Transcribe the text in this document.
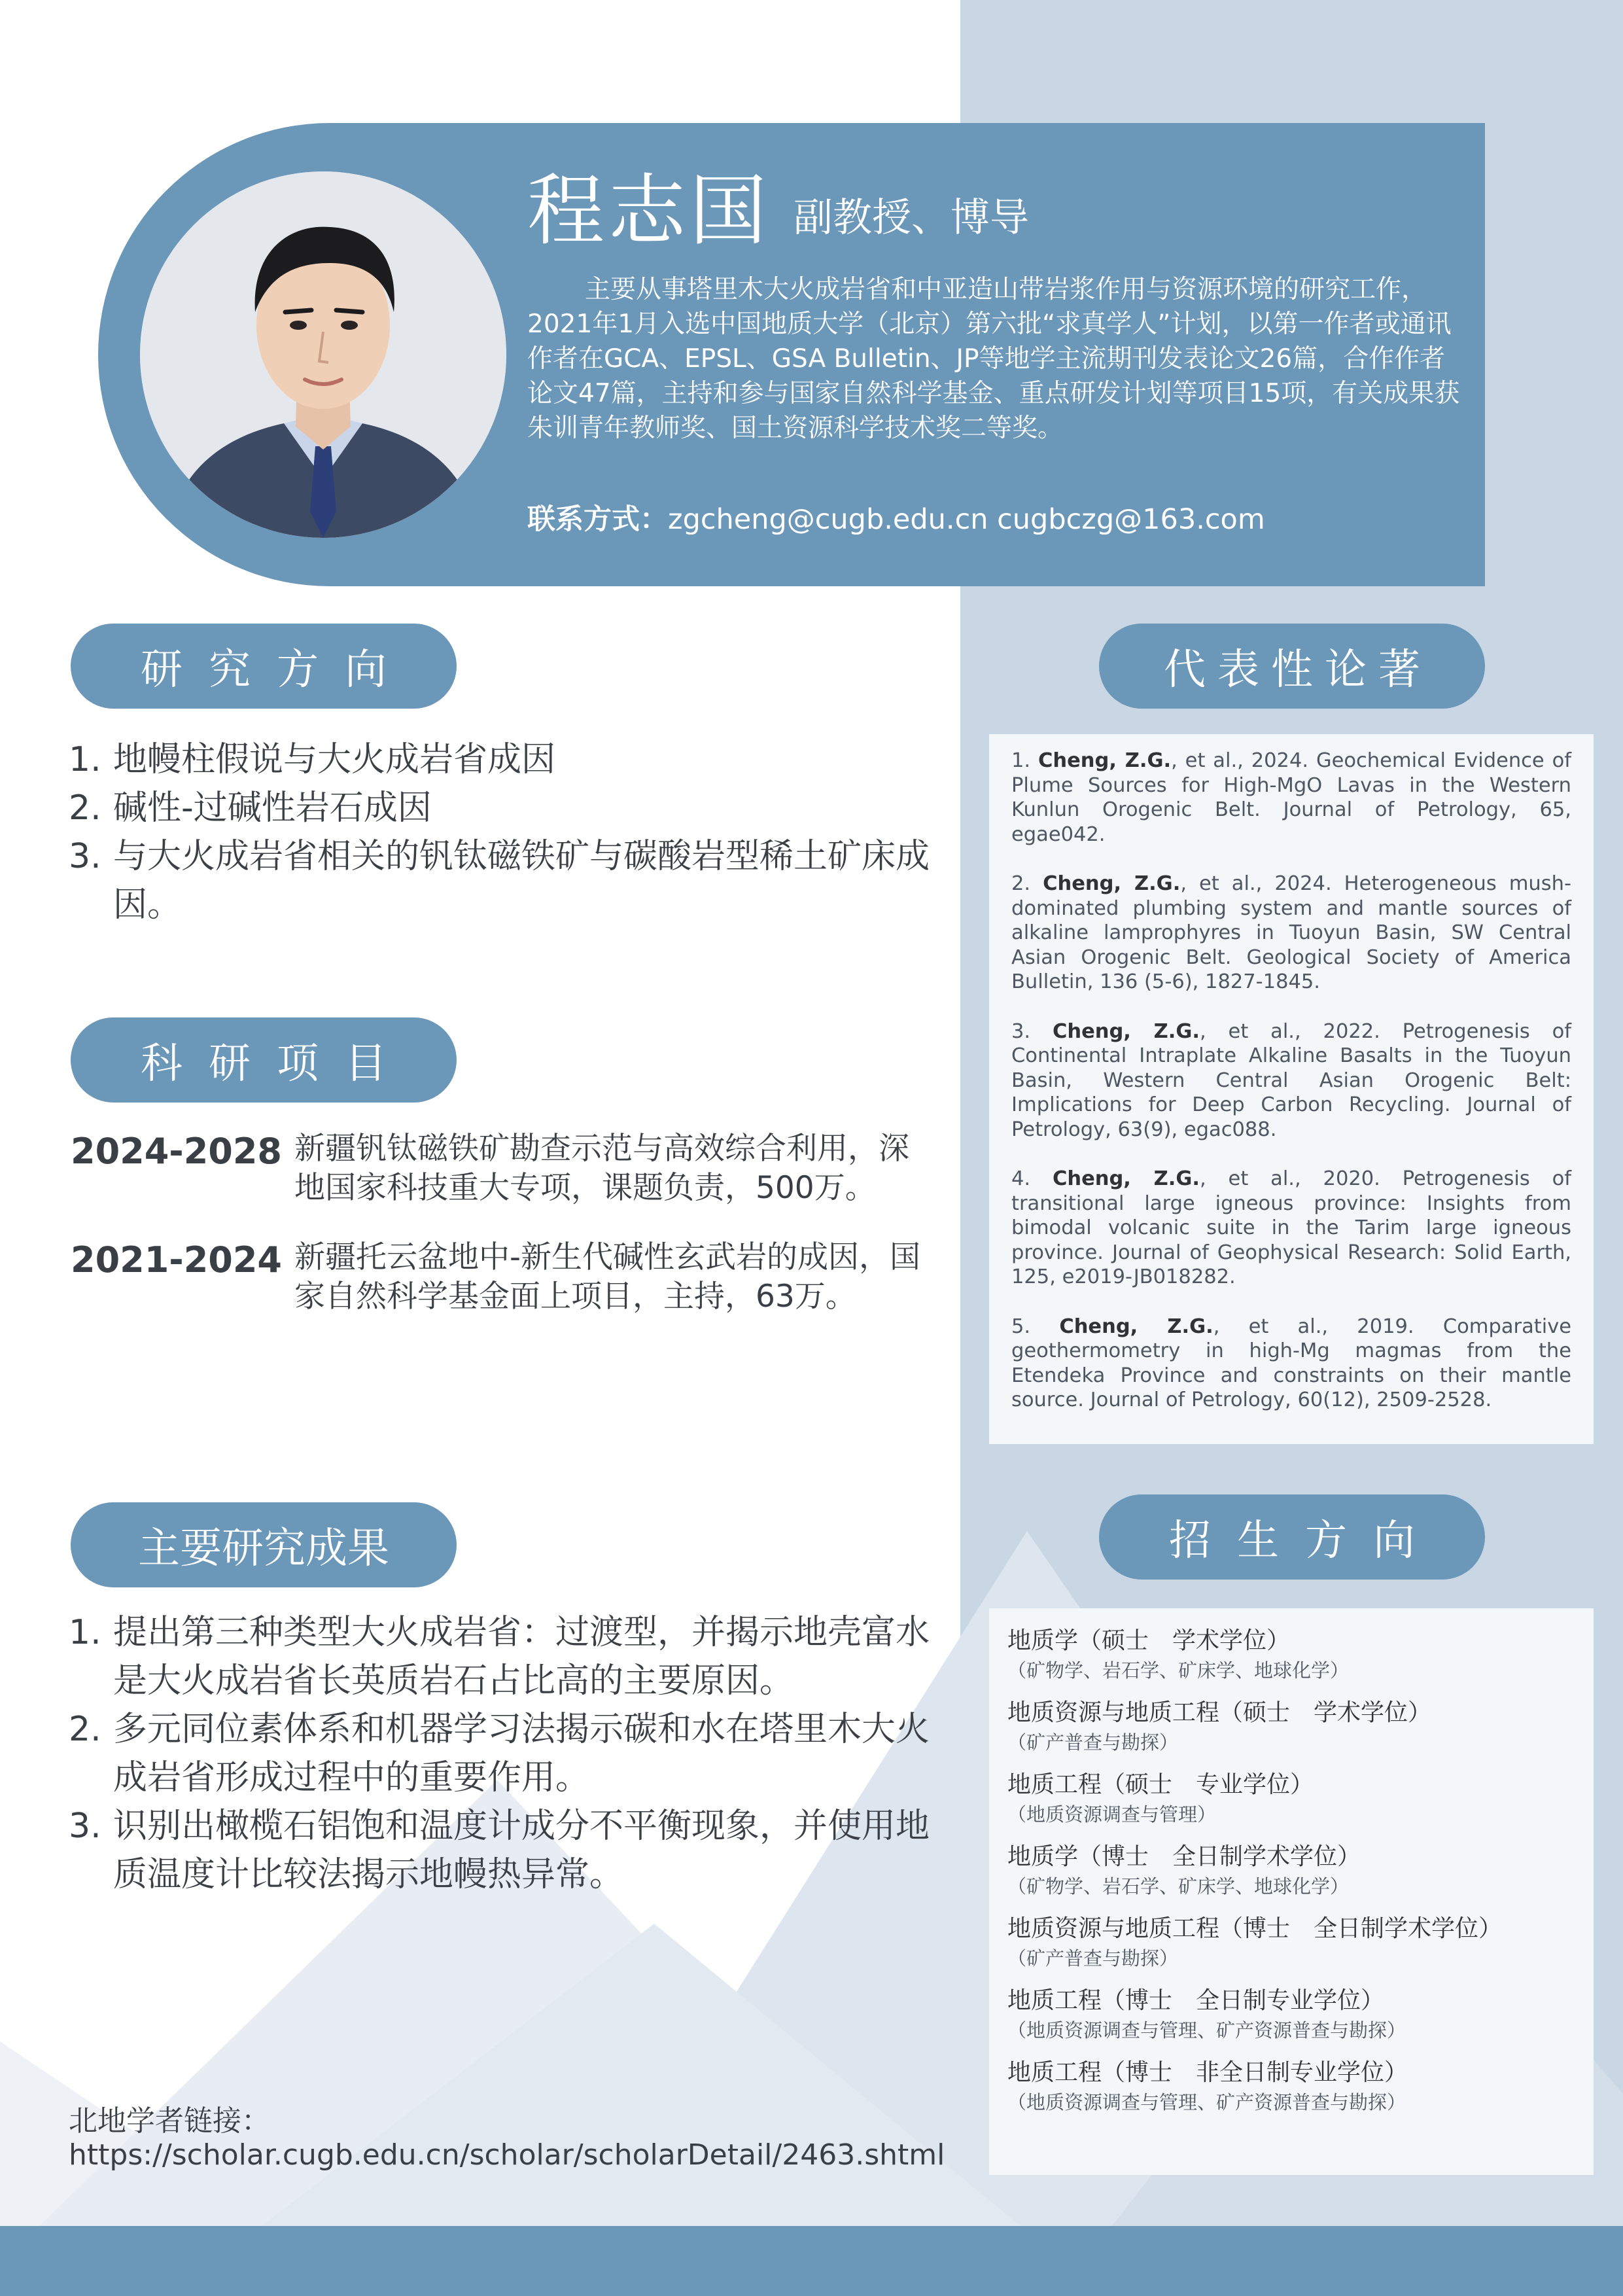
程志国 副教授、博导
主要从事塔里木大火成岩省和中亚造山带岩浆作用与资源环境的研究工作，2021年1月入选中国地质大学（北京）第六批“求真学人”计划，以第一作者或通讯作者在GCA、EPSL、GSA Bulletin、JP等地学主流期刊发表论文26篇，合作作者论文47篇，主持和参与国家自然科学基金、重点研发计划等项目15项，有关成果获朱训青年教师奖、国土资源科学技术奖二等奖。
联系方式：zgcheng@cugb.edu.cn cugbczg@163.com
研究方向
1. 地幔柱假说与大火成岩省成因
2. 碱性-过碱性岩石成因
3. 与大火成岩省相关的钒钛磁铁矿与碳酸岩型稀土矿床成因。
科研项目
2024-2028 新疆钒钛磁铁矿勘查示范与高效综合利用，深地国家科技重大专项，课题负责，500万。
2021-2024 新疆托云盆地中-新生代碱性玄武岩的成因，国家自然科学基金面上项目，主持，63万。
主要研究成果
1. 提出第三种类型大火成岩省：过渡型，并揭示地壳富水是大火成岩省长英质岩石占比高的主要原因。
2. 多元同位素体系和机器学习法揭示碳和水在塔里木大火成岩省形成过程中的重要作用。
3. 识别出橄榄石铝饱和温度计成分不平衡现象，并使用地质温度计比较法揭示地幔热异常。
代表性论著
1. Cheng, Z.G., et al., 2024. Geochemical Evidence of Plume Sources for High-MgO Lavas in the Western Kunlun Orogenic Belt. Journal of Petrology, 65, egae042.
2. Cheng, Z.G., et al., 2024. Heterogeneous mush-dominated plumbing system and mantle sources of alkaline lamprophyres in Tuoyun Basin, SW Central Asian Orogenic Belt. Geological Society of America Bulletin, 136 (5-6), 1827-1845.
3. Cheng, Z.G., et al., 2022. Petrogenesis of Continental Intraplate Alkaline Basalts in the Tuoyun Basin, Western Central Asian Orogenic Belt: Implications for Deep Carbon Recycling. Journal of Petrology, 63(9), egac088.
4. Cheng, Z.G., et al., 2020. Petrogenesis of transitional large igneous province: Insights from bimodal volcanic suite in the Tarim large igneous province. Journal of Geophysical Research: Solid Earth, 125, e2019-JB018282.
5. Cheng, Z.G., et al., 2019. Comparative geothermometry in high-Mg magmas from the Etendeka Province and constraints on their mantle source. Journal of Petrology, 60(12), 2509-2528.
招生方向
地质学（硕士　学术学位）
（矿物学、岩石学、矿床学、地球化学）
地质资源与地质工程（硕士　学术学位）
（矿产普查与勘探）
地质工程（硕士　专业学位）
（地质资源调查与管理）
地质学（博士　全日制学术学位）
（矿物学、岩石学、矿床学、地球化学）
地质资源与地质工程（博士　全日制学术学位）
（矿产普查与勘探）
地质工程（博士　全日制专业学位）
（地质资源调查与管理、矿产资源普查与勘探）
地质工程（博士　非全日制专业学位）
（地质资源调查与管理、矿产资源普查与勘探）
北地学者链接：
https://scholar.cugb.edu.cn/scholar/scholarDetail/2463.shtml
